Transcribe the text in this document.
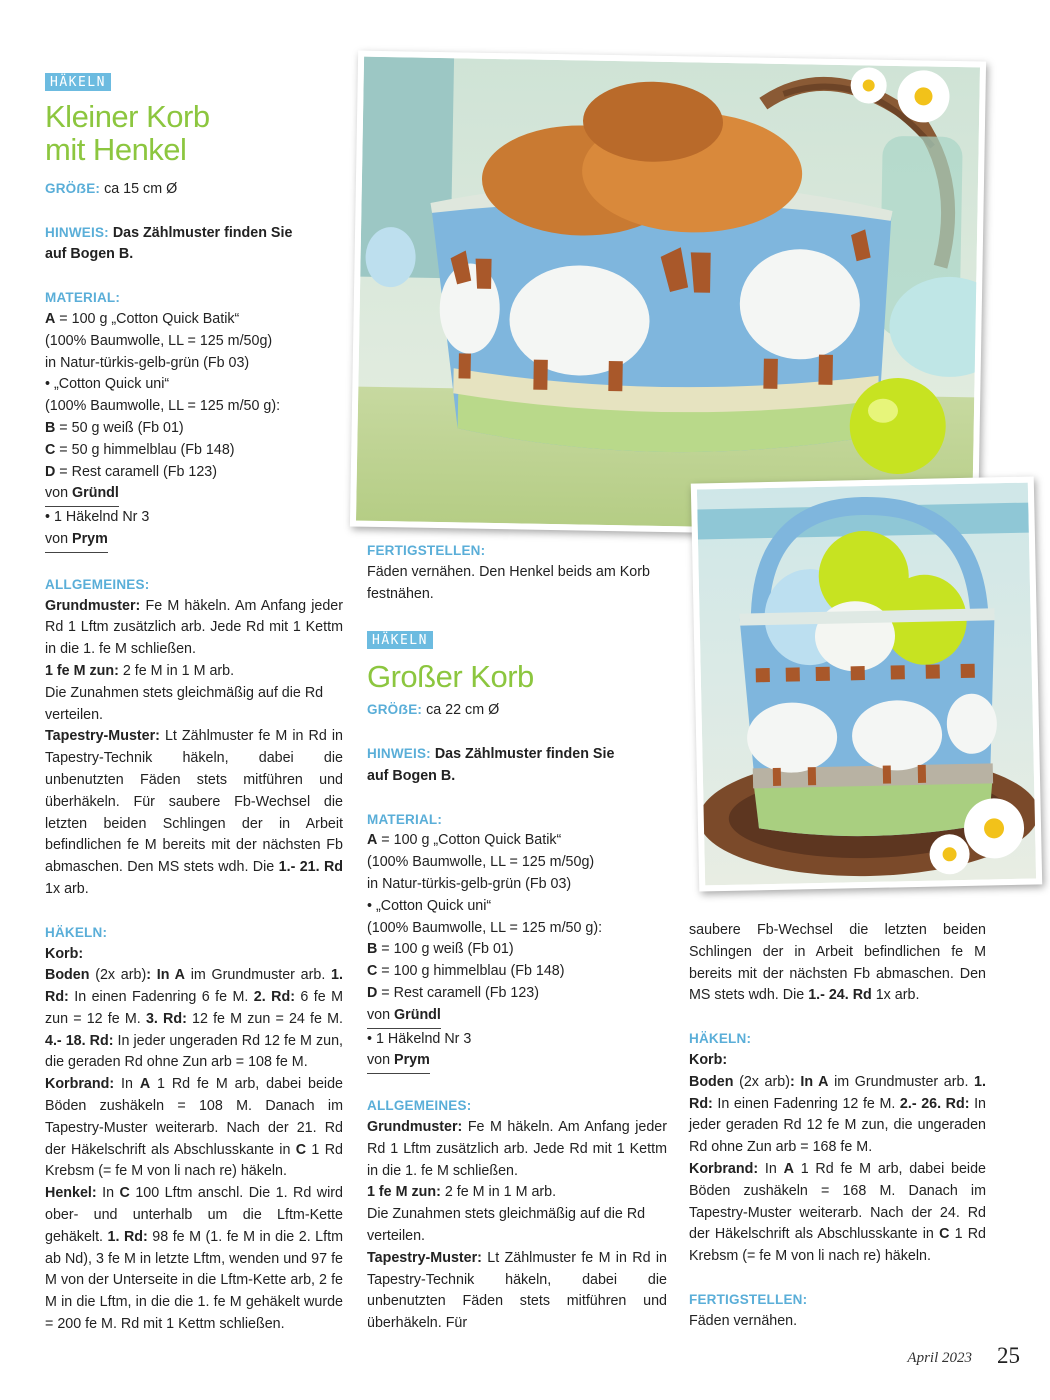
HÄKELN
Kleiner Korb
mit Henkel

GRÖẞE: ca 15 cm Ø

HINWEIS: Das Zählmuster finden Sie

auf Bogen B.

MATERIAL:

A = 100 g „Cotton Quick Batik“

(100% Baumwolle, LL = 125 m/50g)

in Natur-türkis-gelb-grün (Fb 03)

• „Cotton Quick uni“

(100% Baumwolle, LL = 125 m/50 g):

B = 50 g weiß (Fb 01)

C = 50 g himmelblau (Fb 148)

D = Rest caramell (Fb 123)

von Gründl

• 1 Häkelnd Nr 3

von Prym

ALLGEMEINES:

Grundmuster: Fe M häkeln. Am Anfang jeder Rd 1 Lftm zusätzlich arb. Jede Rd mit 1 Kettm in die 1. fe M schließen.

1 fe M zun: 2 fe M in 1 M arb.

Die Zunahmen stets gleichmäßig auf die Rd verteilen.

Tapestry-Muster: Lt Zählmuster fe M in Rd in Tapestry-Technik häkeln, dabei die unbenutzten Fäden stets mitführen und überhäkeln. Für saubere Fb-Wechsel die letzten beiden Schlingen der in Arbeit befindlichen fe M bereits mit der nächsten Fb abmaschen. Den MS stets wdh. Die 1.- 21. Rd 1x arb.

HÄKELN:

Korb:

Boden (2x arb): In A im Grundmuster arb. 1. Rd: In einen Fadenring 6 fe M. 2. Rd: 6 fe M zun = 12 fe M. 3. Rd: 12 fe M zun = 24 fe M. 4.- 18. Rd: In jeder ungeraden Rd 12 fe M zun, die geraden Rd ohne Zun arb = 108 fe M.

Korbrand: In A 1 Rd fe M arb, dabei beide Böden zushäkeln = 108 M. Danach im Tapestry-Muster weiterarb. Nach der 21. Rd der Häkelschrift als Abschlusskante in C 1 Rd Krebsm (= fe M von li nach re) häkeln.

Henkel: In C 100 Lftm anschl. Die 1. Rd wird ober- und unterhalb um die Lftm-Kette gehäkelt. 1. Rd: 98 fe M (1. fe M in die 2. Lftm ab Nd), 3 fe M in letzte Lftm, wenden und 97 fe M von der Unterseite in die Lftm-Kette arb, 2 fe M in die Lftm, in die die 1. fe M gehäkelt wurde = 200 fe M. Rd mit 1 Kettm schließen.

FERTIGSTELLEN:

Fäden vernähen. Den Henkel beids am Korb festnähen.

HÄKELN
Großer Korb

GRÖẞE: ca 22 cm Ø

HINWEIS: Das Zählmuster finden Sie

auf Bogen B.

MATERIAL:

A = 100 g „Cotton Quick Batik“

(100% Baumwolle, LL = 125 m/50g)

in Natur-türkis-gelb-grün (Fb 03)

• „Cotton Quick uni“

(100% Baumwolle, LL = 125 m/50 g):

B = 100 g weiß (Fb 01)

C = 100 g himmelblau (Fb 148)

D = Rest caramell (Fb 123)

von Gründl

• 1 Häkelnd Nr 3

von Prym

ALLGEMEINES:

Grundmuster: Fe M häkeln. Am Anfang jeder Rd 1 Lftm zusätzlich arb. Jede Rd mit 1 Kettm in die 1. fe M schließen.

1 fe M zun: 2 fe M in 1 M arb.

Die Zunahmen stets gleichmäßig auf die Rd verteilen.

Tapestry-Muster: Lt Zählmuster fe M in Rd in Tapestry-Technik häkeln, dabei die unbenutzten Fäden stets mitführen und überhäkeln. Für

saubere Fb-Wechsel die letzten beiden Schlingen der in Arbeit befindlichen fe M bereits mit der nächsten Fb abmaschen. Den MS stets wdh. Die 1.- 24. Rd 1x arb.

HÄKELN:

Korb:

Boden (2x arb): In A im Grundmuster arb. 1. Rd: In einen Fadenring 12 fe M. 2.- 26. Rd: In jeder geraden Rd 12 fe M zun, die ungeraden Rd ohne Zun arb = 168 fe M.

Korbrand: In A 1 Rd fe M arb, dabei beide Böden zushäkeln = 168 M. Danach im Tapestry-Muster weiterarb. Nach der 24. Rd der Häkelschrift als Abschlusskante in C 1 Rd Krebsm (= fe M von li nach re) häkeln.

FERTIGSTELLEN:

Fäden vernähen.

April 2023 25
